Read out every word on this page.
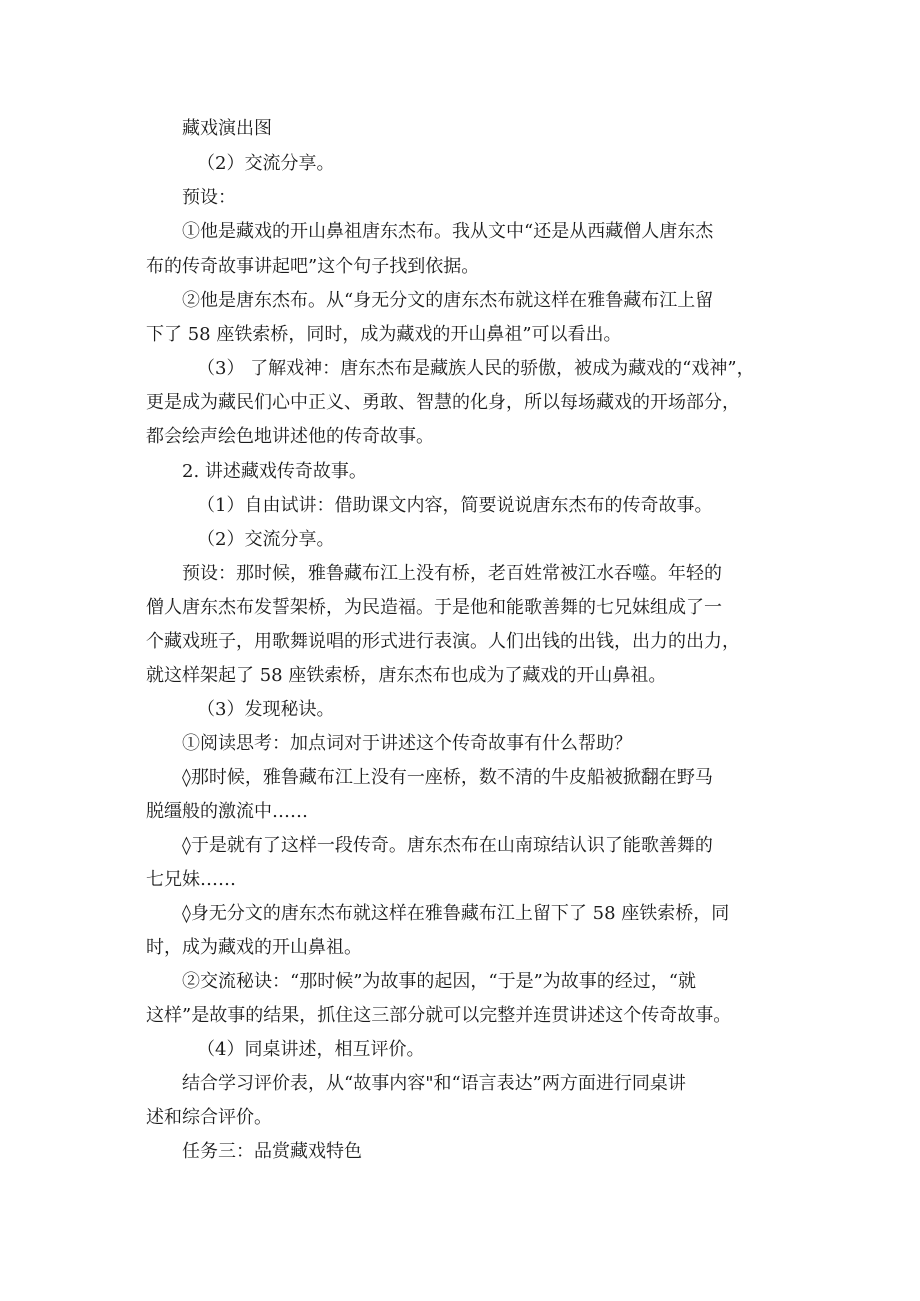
藏戏演出图
（2）交流分享。
预设：
①他是藏戏的开山鼻祖唐东杰布。我从文中“还是从西藏僧人唐东杰
布的传奇故事讲起吧”这个句子找到依据。
②他是唐东杰布。从“身无分文的唐东杰布就这样在雅鲁藏布江上留
下了 58 座铁索桥，同时，成为藏戏的开山鼻祖”可以看出。
（3） 了解戏神：唐东杰布是藏族人民的骄傲，被成为藏戏的“戏神”，
更是成为藏民们心中正义、勇敢、智慧的化身，所以每场藏戏的开场部分，
都会绘声绘色地讲述他的传奇故事。
2. 讲述藏戏传奇故事。
（1）自由试讲：借助课文内容，简要说说唐东杰布的传奇故事。
（2）交流分享。
预设：那时候，雅鲁藏布江上没有桥，老百姓常被江水吞噬。年轻的
僧人唐东杰布发誓架桥，为民造福。于是他和能歌善舞的七兄妹组成了一
个藏戏班子，用歌舞说唱的形式进行表演。人们出钱的出钱，出力的出力，
就这样架起了 58 座铁索桥，唐东杰布也成为了藏戏的开山鼻祖。
（3）发现秘诀。
①阅读思考：加点词对于讲述这个传奇故事有什么帮助？
◊那时候，雅鲁藏布江上没有一座桥，数不清的牛皮船被掀翻在野马
脱缰般的激流中……
◊于是就有了这样一段传奇。唐东杰布在山南琼结认识了能歌善舞的
七兄妹……
◊身无分文的唐东杰布就这样在雅鲁藏布江上留下了 58 座铁索桥，同
时，成为藏戏的开山鼻祖。
②交流秘诀：“那时候”为故事的起因，“于是”为故事的经过，“就
这样”是故事的结果，抓住这三部分就可以完整并连贯讲述这个传奇故事。
（4）同桌讲述，相互评价。
结合学习评价表，从“故事内容"和“语言表达”两方面进行同桌讲
述和综合评价。
任务三：品赏藏戏特色
